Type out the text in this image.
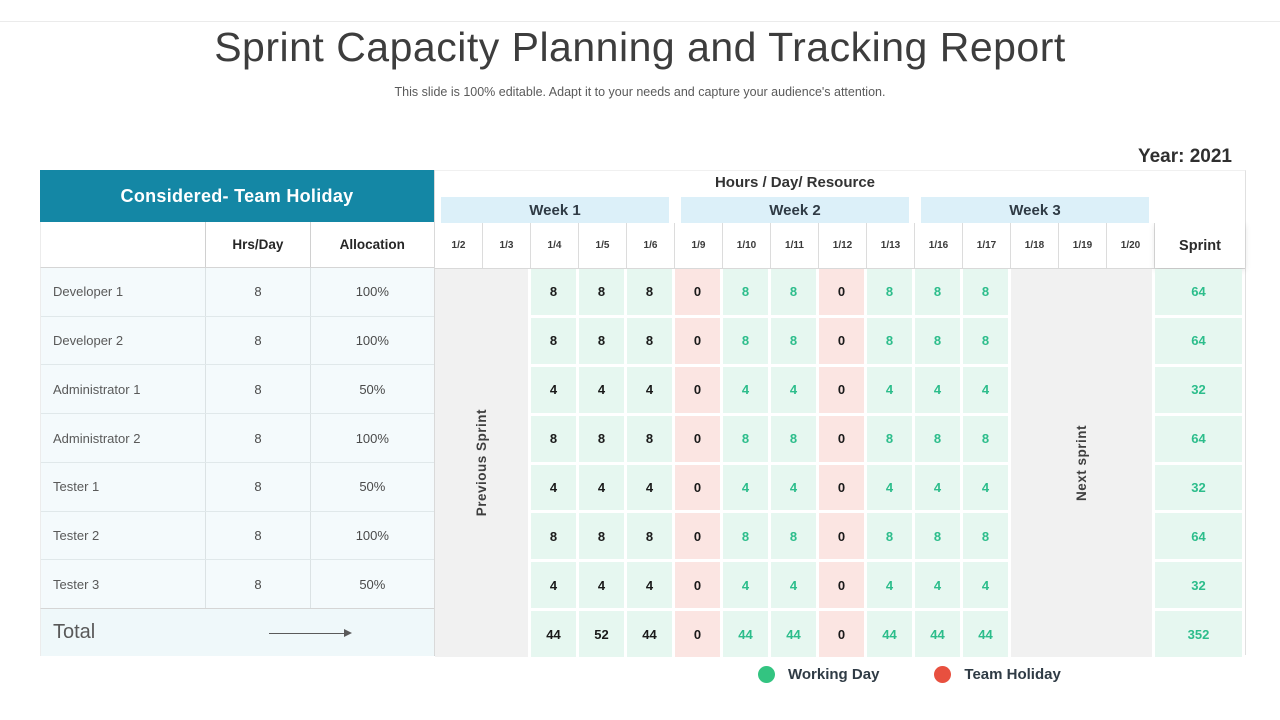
Sprint Capacity Planning and Tracking Report
This slide is 100% editable. Adapt it to your needs and capture your audience's attention.
Year: 2021
Considered- Team Holiday
Hrs/Day	Allocation
Developer 1	8	100%
Developer 2	8	100%
Administrator 1	8	50%
Administrator 2	8	100%
Tester 1	8	50%
Tester 2	8	100%
Tester 3	8	50%
Total
Hours / Day/ Resource
Week 1	Week 2	Week 3
1/2	1/3	1/4	1/5	1/6	1/9	1/10	1/11	1/12	1/13	1/16	1/17	1/18	1/19	1/20	Sprint
Previous Sprint	Next sprint
8	8	8	0	8	8	0	8	8	8	64
8	8	8	0	8	8	0	8	8	8	64
4	4	4	0	4	4	0	4	4	4	32
8	8	8	0	8	8	0	8	8	8	64
4	4	4	0	4	4	0	4	4	4	32
8	8	8	0	8	8	0	8	8	8	64
4	4	4	0	4	4	0	4	4	4	32
44	52	44	0	44	44	0	44	44	44	352
Working Day	Team Holiday
